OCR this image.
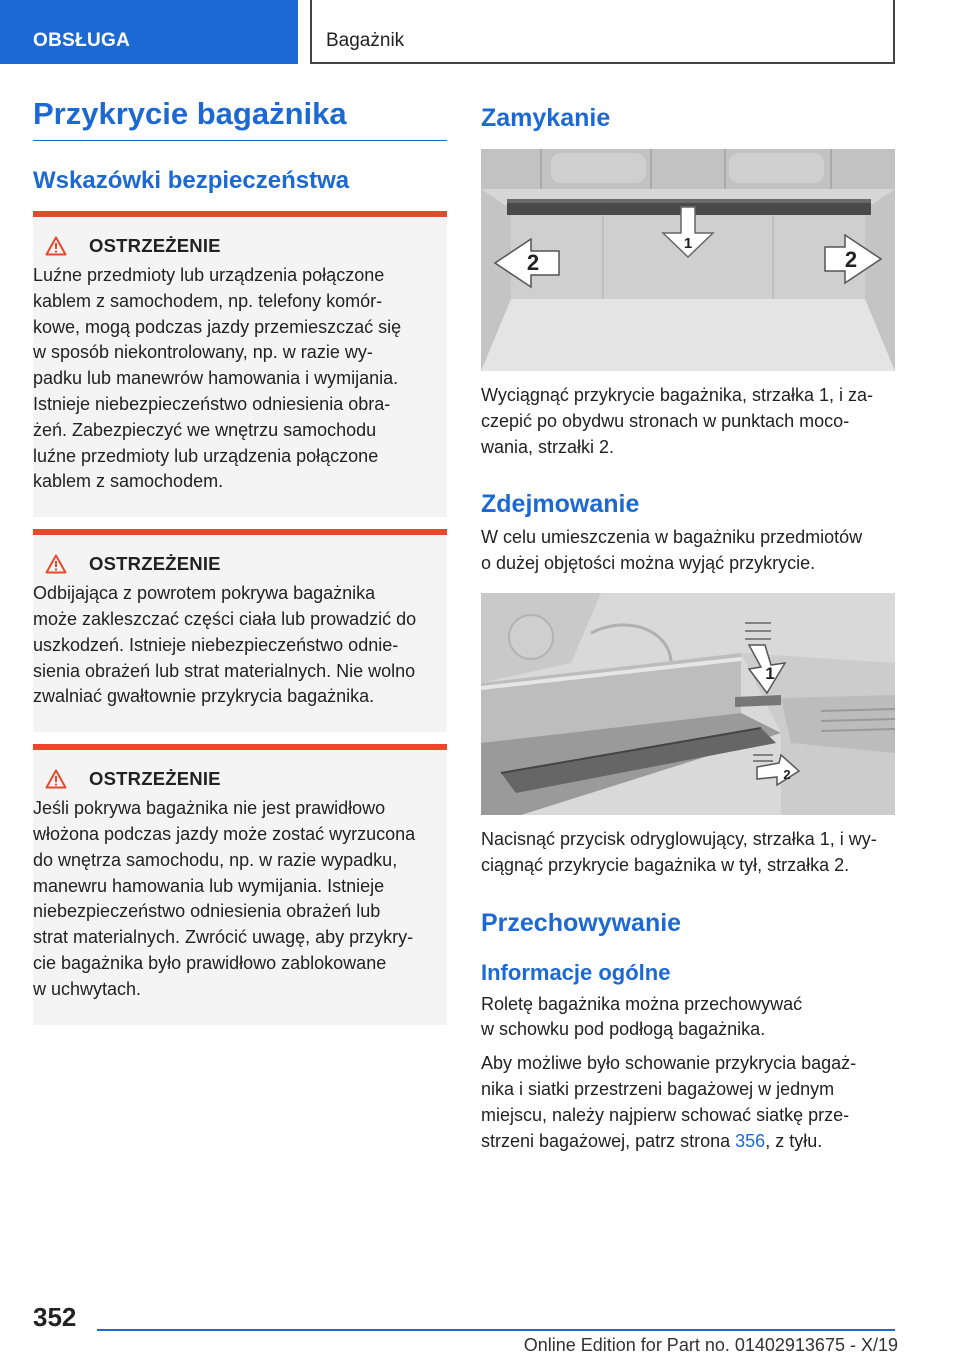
OBSŁUGA	Bagażnik
Przykrycie bagażnika
Wskazówki bezpieczeństwa
OSTRZEŻENIE
Luźne przedmioty lub urządzenia połączone
kablem z samochodem, np. telefony komór-
kowe, mogą podczas jazdy przemieszczać się
w sposób niekontrolowany, np. w razie wy-
padku lub manewrów hamowania i wymijania.
Istnieje niebezpieczeństwo odniesienia obra-
żeń. Zabezpieczyć we wnętrzu samochodu
luźne przedmioty lub urządzenia połączone
kablem z samochodem.
OSTRZEŻENIE
Odbijająca z powrotem pokrywa bagażnika
może zakleszczać części ciała lub prowadzić do
uszkodzeń. Istnieje niebezpieczeństwo odnie-
sienia obrażeń lub strat materialnych. Nie wolno
zwalniać gwałtownie przykrycia bagażnika.
OSTRZEŻENIE
Jeśli pokrywa bagażnika nie jest prawidłowo
włożona podczas jazdy może zostać wyrzucona
do wnętrza samochodu, np. w razie wypadku,
manewru hamowania lub wymijania. Istnieje
niebezpieczeństwo odniesienia obrażeń lub
strat materialnych. Zwrócić uwagę, aby przykry-
cie bagażnika było prawidłowo zablokowane
w uchwytach.
Zamykanie
1
2	2

Wyciągnąć przykrycie bagażnika, strzałka 1, i za-

czepić po obydwu stronach w punktach moco-

wania, strzałki 2.

Zdejmowanie

W celu umieszczenia w bagażniku przedmiotów

o dużej objętości można wyjąć przykrycie.

1
2

Nacisnąć przycisk odryglowujący, strzałka 1, i wy-

ciągnąć przykrycie bagażnika w tył, strzałka 2.

Przechowywanie
Informacje ogólne

Roletę bagażnika można przechowywać

w schowku pod podłogą bagażnika.

Aby możliwe było schowanie przykrycia bagaż-

nika i siatki przestrzeni bagażowej w jednym

miejscu, należy najpierw schować siatkę prze-

strzeni bagażowej, patrz strona 356, z tyłu.

352
Online Edition for Part no. 01402913675 - X/19
